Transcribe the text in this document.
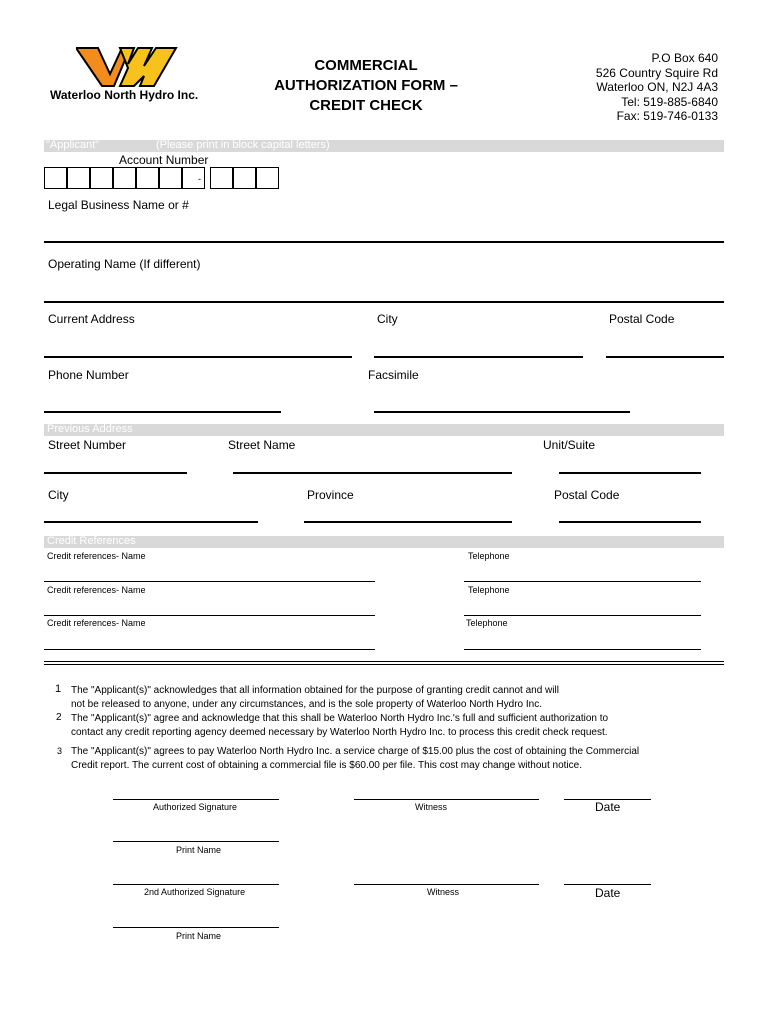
Waterloo North Hydro Inc.
COMMERCIAL
AUTHORIZATION FORM –
CREDIT CHECK
P.O Box 640
526 Country Squire Rd
Waterloo ON, N2J 4A3
Tel: 519-885-6840
Fax: 519-746-0133
"Applicant"	(Please print in block capital letters)
Account Number
-
Legal Business Name or #
Operating Name (If different)
Current Address	City	Postal Code
Phone Number	Facsimile
Previous Address
Street Number	Street Name	Unit/Suite
City	Province	Postal Code
Credit References
Credit references- Name	Telephone
Credit references- Name	Telephone
Credit references- Name	Telephone
1 The "Applicant(s)" acknowledges that all information obtained for the purpose of granting credit cannot and will
not be released to anyone, under any circumstances, and is the sole property of Waterloo North Hydro Inc.
2 The "Applicant(s)" agree and acknowledge that this shall be Waterloo North Hydro Inc.'s full and sufficient authorization to
contact any credit reporting agency deemed necessary by Waterloo North Hydro Inc. to process this credit check request.
3 The "Applicant(s)" agrees to pay Waterloo North Hydro Inc. a service charge of $15.00 plus the cost of obtaining the Commercial
Credit report. The current cost of obtaining a commercial file is $60.00 per file. This cost may change without notice.
Authorized Signature	Witness	Date
Print Name
2nd Authorized Signature	Witness	Date
Print Name
